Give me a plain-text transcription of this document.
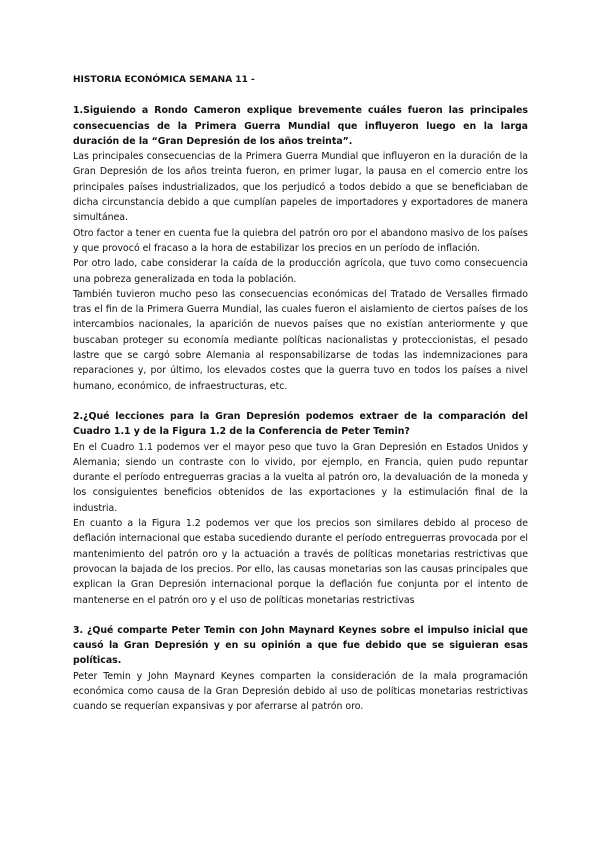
HISTORIA ECONÓMICA SEMANA 11 -

1.Siguiendo a Rondo Cameron explique brevemente cuáles fueron las principales consecuencias de la Primera Guerra Mundial que influyeron luego en la larga duración de la “Gran Depresión de los años treinta”.

Las principales consecuencias de la Primera Guerra Mundial que influyeron en la duración de la Gran Depresión de los años treinta fueron, en primer lugar, la pausa en el comercio entre los principales países industrializados, que los perjudicó a todos debido a que se beneficiaban de dicha circunstancia debido a que cumplían papeles de importadores y exportadores de manera simultánea.

Otro factor a tener en cuenta fue la quiebra del patrón oro por el abandono masivo de los países y que provocó el fracaso a la hora de estabilizar los precios en un período de inflación.

Por otro lado, cabe considerar la caída de la producción agrícola, que tuvo como consecuencia una pobreza generalizada en toda la población.

También tuvieron mucho peso las consecuencias económicas del Tratado de Versalles firmado tras el fin de la Primera Guerra Mundial, las cuales fueron el aislamiento de ciertos países de los intercambios nacionales, la aparición de nuevos países que no existían anteriormente y que buscaban proteger su economía mediante políticas nacionalistas y proteccionistas, el pesado lastre que se cargó sobre Alemania al responsabilizarse de todas las indemnizaciones para reparaciones y, por último, los elevados costes que la guerra tuvo en todos los países a nivel humano, económico, de infraestructuras, etc.

2.¿Qué lecciones para la Gran Depresión podemos extraer de la comparación del Cuadro 1.1 y de la Figura 1.2 de la Conferencia de Peter Temin?

En el Cuadro 1.1 podemos ver el mayor peso que tuvo la Gran Depresión en Estados Unidos y Alemania; siendo un contraste con lo vivido, por ejemplo, en Francia, quien pudo repuntar durante el período entreguerras gracias a la vuelta al patrón oro, la devaluación de la moneda y los consiguientes beneficios obtenidos de las exportaciones y la estimulación final de la industria.

En cuanto a la Figura 1.2 podemos ver que los precios son similares debido al proceso de deflación internacional que estaba sucediendo durante el período entreguerras provocada por el mantenimiento del patrón oro y la actuación a través de políticas monetarias restrictivas que provocan la bajada de los precios. Por ello, las causas monetarias son las causas principales que explican la Gran Depresión internacional porque la deflación fue conjunta por el intento de mantenerse en el patrón oro y el uso de políticas monetarias restrictivas

3. ¿Qué comparte Peter Temin con John Maynard Keynes sobre el impulso inicial que causó la Gran Depresión y en su opinión a que fue debido que se siguieran esas políticas.

Peter Temin y John Maynard Keynes comparten la consideración de la mala programación económica como causa de la Gran Depresión debido al uso de políticas monetarias restrictivas cuando se requerían expansivas y por aferrarse al patrón oro.
